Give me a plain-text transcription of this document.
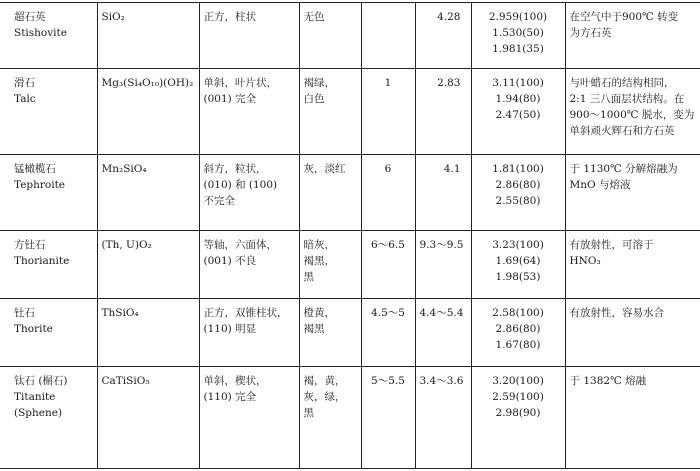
超石英
Stishovite	SiO₂	正方，柱状	无色		4.28	2.959(100)
1.530(50)
1.981(35)	在空气中于900℃ 转变
为方石英

滑石
Talc	Mg₃(Si₄O₁₀)(OH)₂	单斜，叶片状，
(001) 完全	褐绿，
白色	1	2.83	3.11(100)
1.94(80)
2.47(50)	与叶蜡石的结构相同，
2:1 三八面层状结构。在
900～1000℃ 脱水，变为
单斜顽火辉石和方石英

锰橄榄石
Tephroite	Mn₂SiO₄	斜方，粒状，
(010) 和 (100)
不完全	灰，淡红	6	4.1	1.81(100)
2.86(80)
2.55(80)	于 1130℃ 分解熔融为
MnO 与熔液

方钍石
Thorianite	(Th, U)O₂	等轴，六面体，
(001) 不良	暗灰，
褐黑，
黑	6～6.5	9.3～9.5	3.23(100)
1.69(64)
1.98(53)	有放射性，可溶于
HNO₃

钍石
Thorite	ThSiO₄	正方，双锥柱状，
(110) 明显	橙黄，
褐黑	4.5～5	4.4～5.4	2.58(100)
2.86(80)
1.67(80)	有放射性，容易水合

钛石 (榍石)
Titanite
(Sphene)	CaTiSiO₅	单斜，楔状，
(110) 完全	褐，黄，
灰，绿，
黑	5～5.5	3.4～3.6	3.20(100)
2.59(100)
2.98(90)	于 1382℃ 熔融
